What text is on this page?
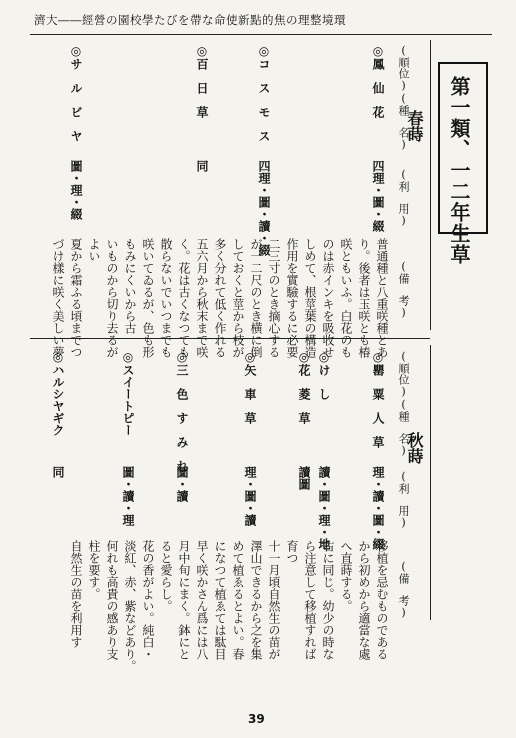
濟大――經營の園校學たびを帶な命使新點的焦の理整境環
第一類、一二年生草
春蒔
(順位)(種　名)
(利　用)
(備　考)
◎鳳　仙　花
四理・圖・綴
◎コ　ス　モ　ス
四理・圖・讀・綴
◎百　日　草
同
◎サ　ル　ビ　ヤ
圖・理・綴
普通種と八重咲種とあ
り。後者は玉咲とも椿
咲ともいふ。白花のも
のは赤インキを吸收せ
しめて、根莖葉の構造
作用を實驗するに必要
二三寸のとき摘心する
が一二尺のとき横に倒
しておくと莖から枝が
多く分れて低く作れる
五六月から秋末まで咲
く。花は古くなつても
散らないでいつまでも
咲いてゐるが、色も形
もみにくいから古
いものから切り去るが
よい
夏から霜ふる頃までつ
づけ樣に咲く美しい夢
秋蒔
(順位)(種　名)
(利　用)
(備　考)
◎罌　粟　人　草
理・讀・圖・綴
◎け　し
讀・圖・理・地
◎花　菱　草
讀圖
◎矢　車　草
理・圖・讀
◎三　色　す　み　れ
圖・讀
◎スイートピー
圖・讀・理
◎ハルシヤギク
同
移植を忌むものである
から初めから適當な處
へ直蒔する。
右に同じ。幼少の時な
ら注意して移植すれば
育つ
十一月頃自然生の苗が
澤山できるから之を集
めて植ゑるとよい。春
になつて植ゑては駄目
早く咲かさん爲には八
月中旬にまく。鉢にと
ると愛らし。
花の香がよい。純白・
淡紅、赤、紫などあり。
何れも高貴の感あり支
柱を要す。
自然生の苗を利用す
39
